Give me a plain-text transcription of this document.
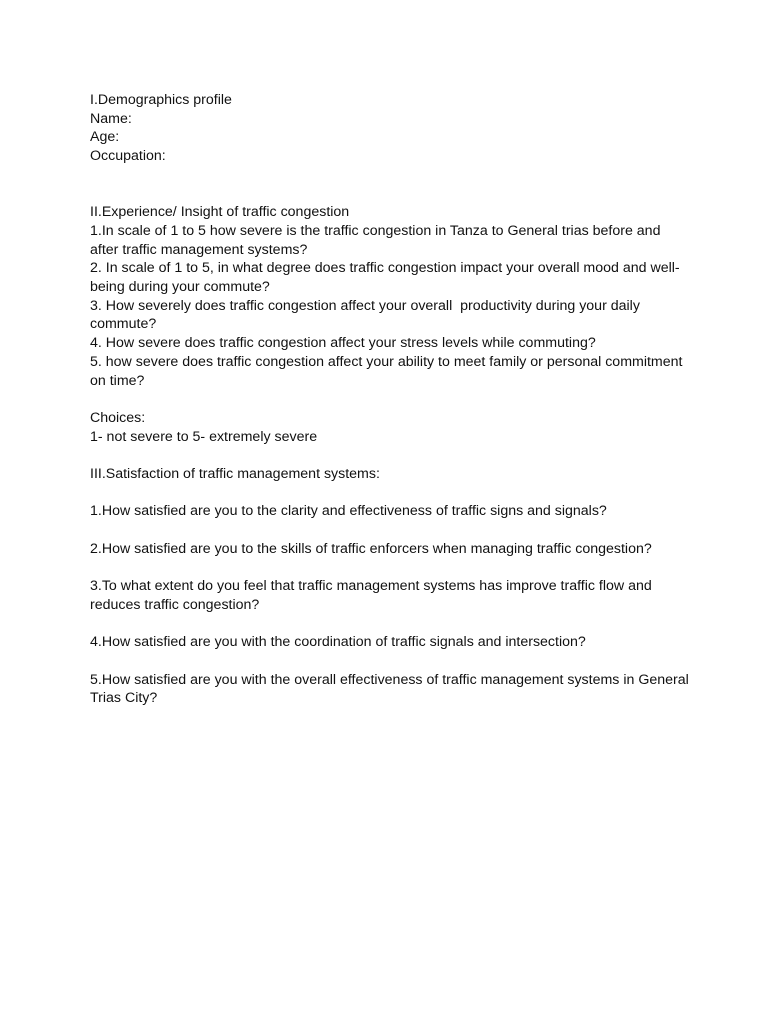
I.Demographics profile
Name:
Age:
Occupation:
II.Experience/ Insight of traffic congestion
1.In scale of 1 to 5 how severe is the traffic congestion in Tanza to General trias before and
after traffic management systems?
2. In scale of 1 to 5, in what degree does traffic congestion impact your overall mood and well-
being during your commute?
3. How severely does traffic congestion affect your overall  productivity during your daily
commute?
4. How severe does traffic congestion affect your stress levels while commuting?
5. how severe does traffic congestion affect your ability to meet family or personal commitment
on time?
Choices:
1- not severe to 5- extremely severe
III.Satisfaction of traffic management systems:
1.How satisfied are you to the clarity and effectiveness of traffic signs and signals?
2.How satisfied are you to the skills of traffic enforcers when managing traffic congestion?
3.To what extent do you feel that traffic management systems has improve traffic flow and
reduces traffic congestion?
4.How satisfied are you with the coordination of traffic signals and intersection?
5.How satisfied are you with the overall effectiveness of traffic management systems in General
Trias City?
